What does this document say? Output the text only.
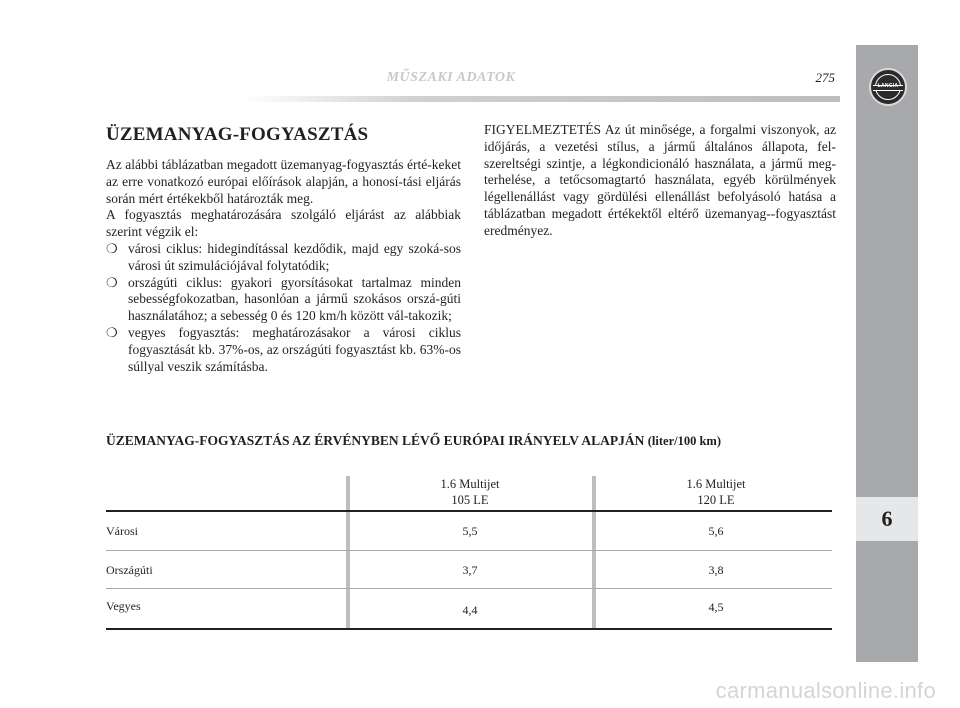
LANCIA
6
MŰSZAKI ADATOK	275
ÜZEMANYAG-FOGYASZTÁS

Az alábbi táblázatban megadott üzemanyag-fogyasztás érté-keket az erre vonatkozó európai előírások alapján, a honosí-tási eljárás során mért értékekből határozták meg.

A fogyasztás meghatározására szolgáló eljárást az alábbiak szerint végzik el:

❍ városi ciklus: hidegindítással kezdődik, majd egy szoká-sos városi út szimulációjával folytatódik;
❍ országúti ciklus: gyakori gyorsításokat tartalmaz minden sebességfokozatban, hasonlóan a jármű szokásos orszá-gúti használatához; a sebesség 0 és 120 km/h között vál-takozik;
❍ vegyes fogyasztás: meghatározásakor a városi ciklus fogyasztását kb. 37%-os, az országúti fogyasztást kb. 63%-os súllyal veszik számításba.
FIGYELMEZTETÉS Az út minősége, a forgalmi viszonyok, az időjárás, a vezetési stílus, a jármű általános állapota, fel-szereltségi szintje, a légkondicionáló használata, a jármű meg-terhelése, a tetőcsomagtartó használata, egyéb körülmények légellenállást vagy gördülési ellenállást befolyásoló hatása a táblázatban megadott értékektől eltérő üzemanyag--fogyasztást eredményez.
ÜZEMANYAG-FOGYASZTÁS AZ ÉRVÉNYBEN LÉVŐ EURÓPAI IRÁNYELV ALAPJÁN (liter/100 km)
1.6 Multijet
105 LE
1.6 Multijet
120 LE
Városi	5,5	5,6
Országúti	3,7	3,8
Vegyes	4,4	4,5
carmanualsonline.info
